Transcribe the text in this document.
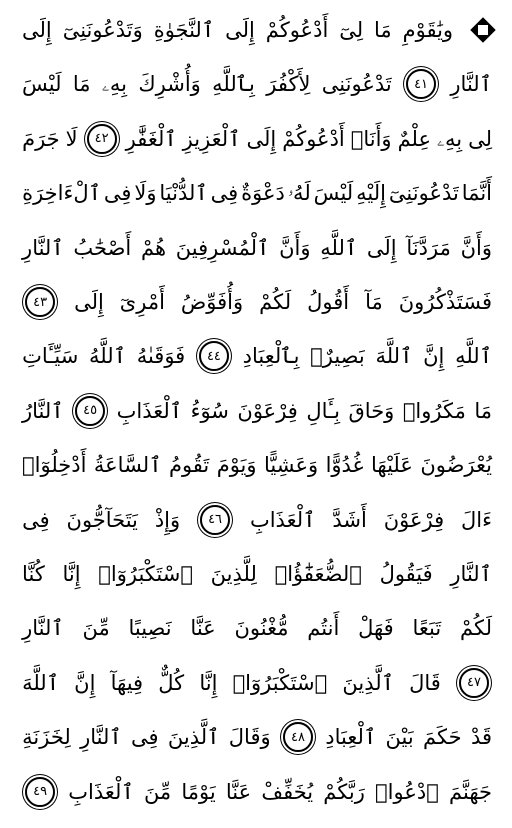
ویَٰقَوْمِ
مَا
لِیٓ
أَدْعُوكُمْ
إِلَى
ٱلنَّجَوٰةِ
وَتَدْعُونَنِیٓ
إِلَى
ٱلنَّارِ
٤١
تَدْعُونَنِی
لِأَكْفُرَ
بِٱللَّهِ
وَأُشْرِكَ
بِهِۦ
مَا
لَیْسَ
لِی
بِهِۦ
عِلْمٌ
وَأَنَا۠
أَدْعُوكُمْ
إِلَى
ٱلْعَزِیزِ
ٱلْغَفَّٰرِ
٤٢
لَا
جَرَمَ
أَنَّمَا
تَدْعُونَنِیٓ
إِلَیْهِ
لَیْسَ
لَهُۥ
دَعْوَةٌ
فِی
ٱلدُّنْیَا
وَلَا
فِی
ٱلْءَاخِرَةِ
وَأَنَّ
مَرَدَّنَآ
إِلَى
ٱللَّهِ
وَأَنَّ
ٱلْمُسْرِفِینَ
هُمْ
أَصْحَٰبُ
ٱلنَّارِ
فَسَتَذْكُرُونَ
مَآ
أَقُولُ
لَكُمْ
وَأُفَوِّضُ
أَمْرِیٓ
إِلَى
٤٣
ٱللَّهِ
إِنَّ
ٱللَّهَ
بَصِیرٌۢ
بِٱلْعِبَادِ
٤٤
فَوَقَىٰهُ
ٱللَّهُ
سَیِّـَٔاتِ
مَا
مَكَرُوا۟
وَحَاقَ
بِـَٔالِ
فِرْعَوْنَ
سُوٓءُ
ٱلْعَذَابِ
٤٥
ٱلنَّارُ
یُعْرَضُونَ
عَلَیْهَا
غُدُوًّا
وَعَشِیًّا
وَیَوْمَ
تَقُومُ
ٱلسَّاعَةُ
أَدْخِلُوٓا۟
ءَالَ
فِرْعَوْنَ
أَشَدَّ
ٱلْعَذَابِ
٤٦
وَإِذْ
یَتَحَآجُّونَ
فِی
ٱلنَّارِ
فَیَقُولُ
ٱلضُّعَفَٰٓؤُا۟
لِلَّذِینَ
ٱسْتَكْبَرُوٓا۟
إِنَّا
كُنَّا
لَكُمْ
تَبَعًا
فَهَلْ
أَنتُم
مُّغْنُونَ
عَنَّا
نَصِیبًا
مِّنَ
ٱلنَّارِ
٤٧
قَالَ
ٱلَّذِینَ
ٱسْتَكْبَرُوٓا۟
إِنَّا
كُلٌّ
فِیهَآ
إِنَّ
ٱللَّهَ
قَدْ
حَكَمَ
بَیْنَ
ٱلْعِبَادِ
٤٨
وَقَالَ
ٱلَّذِینَ
فِی
ٱلنَّارِ
لِخَزَنَةِ
جَهَنَّمَ
ٱدْعُوا۟
رَبَّكُمْ
یُخَفِّفْ
عَنَّا
یَوْمًا
مِّنَ
ٱلْعَذَابِ
٤٩
